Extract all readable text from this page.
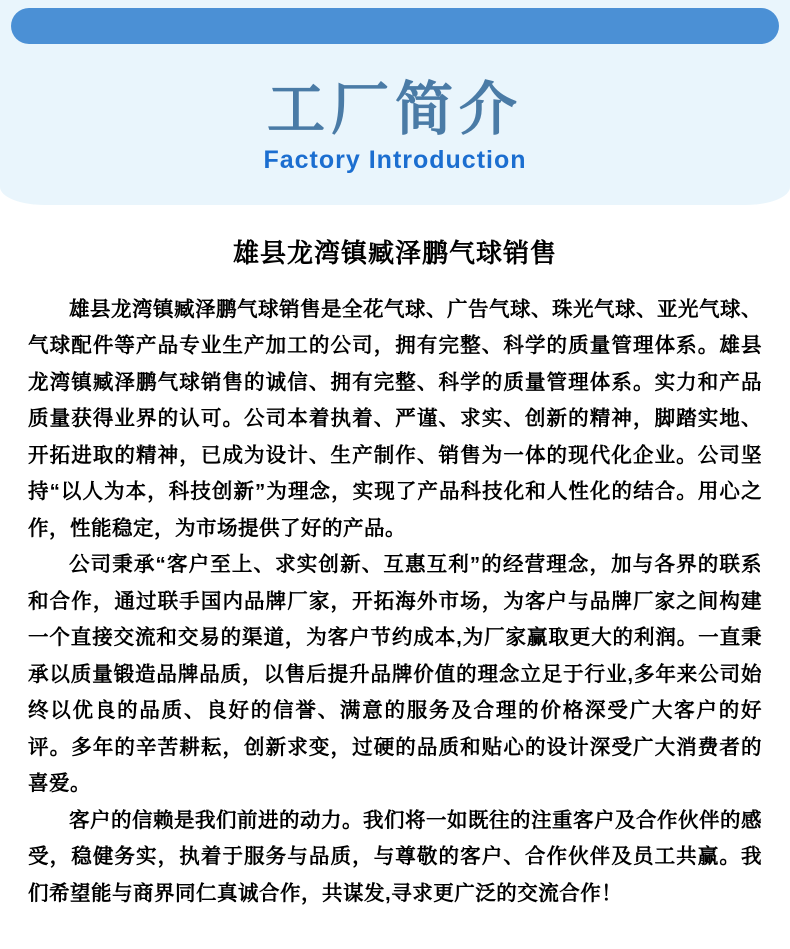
工厂简介
Factory Introduction
雄县龙湾镇臧泽鹏气球销售

雄县龙湾镇臧泽鹏气球销售是全花气球、广告气球、珠光气球、亚光气球、气球配件等产品专业生产加工的公司，拥有完整、科学的质量管理体系。雄县龙湾镇臧泽鹏气球销售的诚信、拥有完整、科学的质量管理体系。实力和产品质量获得业界的认可。公司本着执着、严谨、求实、创新的精神，脚踏实地、开拓进取的精神，已成为设计、生产制作、销售为一体的现代化企业。公司坚持“以人为本，科技创新”为理念，实现了产品科技化和人性化的结合。用心之作，性能稳定，为市场提供了好的产品。

公司秉承“客户至上、求实创新、互惠互利”的经营理念，加与各界的联系和合作，通过联手国内品牌厂家，开拓海外市场，为客户与品牌厂家之间构建一个直接交流和交易的渠道，为客户节约成本,为厂家赢取更大的利润。一直秉承以质量锻造品牌品质，以售后提升品牌价值的理念立足于行业,多年来公司始终以优良的品质、良好的信誉、满意的服务及合理的价格深受广大客户的好评。多年的辛苦耕耘，创新求变，过硬的品质和贴心的设计深受广大消费者的喜爱。

客户的信赖是我们前进的动力。我们将一如既往的注重客户及合作伙伴的感受，稳健务实，执着于服务与品质，与尊敬的客户、合作伙伴及员工共赢。我们希望能与商界同仁真诚合作，共谋发,寻求更广泛的交流合作！
